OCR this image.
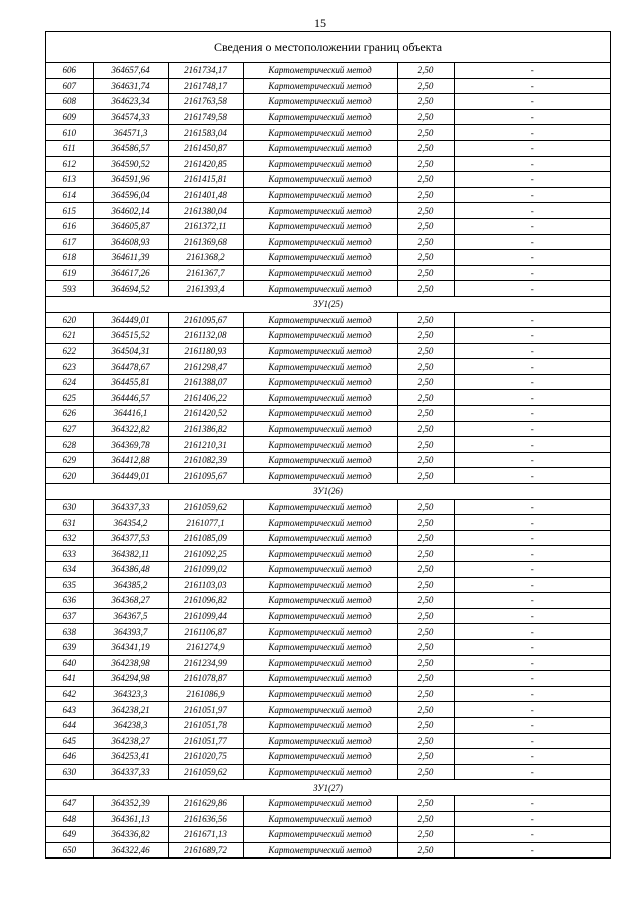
15
Сведения о местоположении границ объекта
606	364657,64	2161734,17	Картометрический метод	2,50	-
607	364631,74	2161748,17	Картометрический метод	2,50	-
608	364623,34	2161763,58	Картометрический метод	2,50	-
609	364574,33	2161749,58	Картометрический метод	2,50	-
610	364571,3	2161583,04	Картометрический метод	2,50	-
611	364586,57	2161450,87	Картометрический метод	2,50	-
612	364590,52	2161420,85	Картометрический метод	2,50	-
613	364591,96	2161415,81	Картометрический метод	2,50	-
614	364596,04	2161401,48	Картометрический метод	2,50	-
615	364602,14	2161380,04	Картометрический метод	2,50	-
616	364605,87	2161372,11	Картометрический метод	2,50	-
617	364608,93	2161369,68	Картометрический метод	2,50	-
618	364611,39	2161368,2	Картометрический метод	2,50	-
619	364617,26	2161367,7	Картометрический метод	2,50	-
593	364694,52	2161393,4	Картометрический метод	2,50	-
ЗУ1(25)					
620	364449,01	2161095,67	Картометрический метод	2,50	-
621	364515,52	2161132,08	Картометрический метод	2,50	-
622	364504,31	2161180,93	Картометрический метод	2,50	-
623	364478,67	2161298,47	Картометрический метод	2,50	-
624	364455,81	2161388,07	Картометрический метод	2,50	-
625	364446,57	2161406,22	Картометрический метод	2,50	-
626	364416,1	2161420,52	Картометрический метод	2,50	-
627	364322,82	2161386,82	Картометрический метод	2,50	-
628	364369,78	2161210,31	Картометрический метод	2,50	-
629	364412,88	2161082,39	Картометрический метод	2,50	-
620	364449,01	2161095,67	Картометрический метод	2,50	-
ЗУ1(26)					
630	364337,33	2161059,62	Картометрический метод	2,50	-
631	364354,2	2161077,1	Картометрический метод	2,50	-
632	364377,53	2161085,09	Картометрический метод	2,50	-
633	364382,11	2161092,25	Картометрический метод	2,50	-
634	364386,48	2161099,02	Картометрический метод	2,50	-
635	364385,2	2161103,03	Картометрический метод	2,50	-
636	364368,27	2161096,82	Картометрический метод	2,50	-
637	364367,5	2161099,44	Картометрический метод	2,50	-
638	364393,7	2161106,87	Картометрический метод	2,50	-
639	364341,19	2161274,9	Картометрический метод	2,50	-
640	364238,98	2161234,99	Картометрический метод	2,50	-
641	364294,98	2161078,87	Картометрический метод	2,50	-
642	364323,3	2161086,9	Картометрический метод	2,50	-
643	364238,21	2161051,97	Картометрический метод	2,50	-
644	364238,3	2161051,78	Картометрический метод	2,50	-
645	364238,27	2161051,77	Картометрический метод	2,50	-
646	364253,41	2161020,75	Картометрический метод	2,50	-
630	364337,33	2161059,62	Картометрический метод	2,50	-
ЗУ1(27)					
647	364352,39	2161629,86	Картометрический метод	2,50	-
648	364361,13	2161636,56	Картометрический метод	2,50	-
649	364336,82	2161671,13	Картометрический метод	2,50	-
650	364322,46	2161689,72	Картометрический метод	2,50	-
